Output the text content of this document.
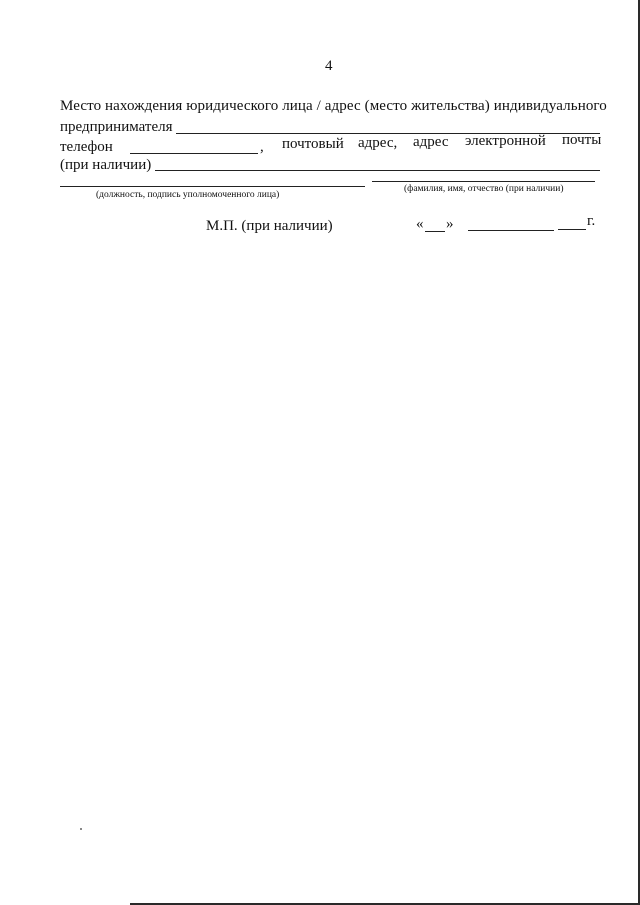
4
Место нахождения юридического лица / адрес (место жительства) индивидуального
предпринимателя
телефон	, почтовый адрес, адрес электронной почты
(при наличии)
(должность, подпись уполномоченного лица)
(фамилия, имя, отчество (при наличии)
М.П. (при наличии)	« »	г.
